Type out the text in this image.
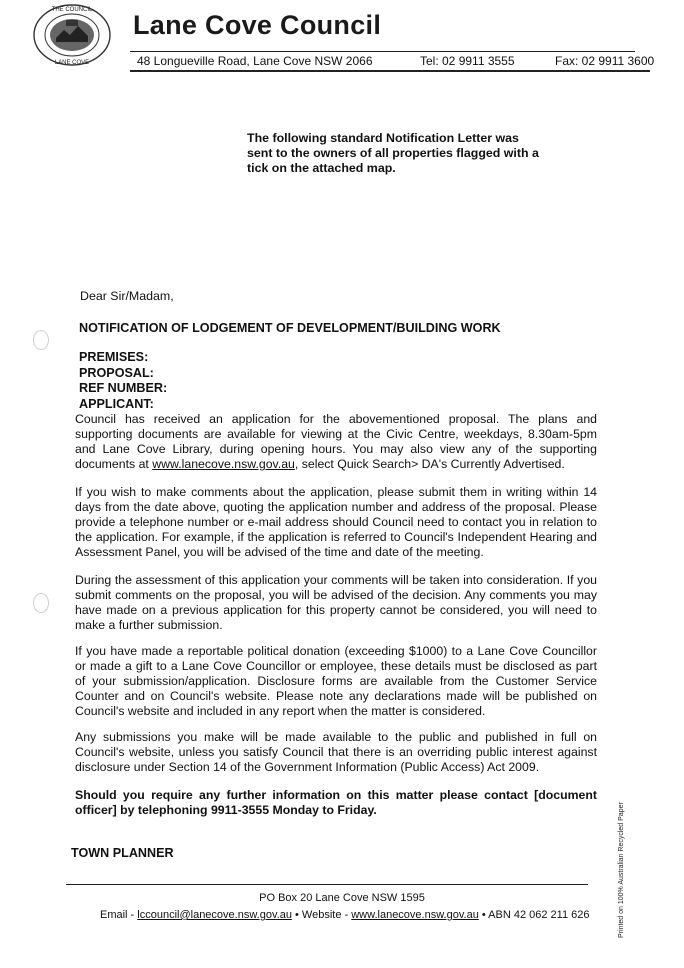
THE COUNCIL
LANE COVE
Lane Cove Council
48 Longueville Road, Lane Cove NSW 2066	Tel: 02 9911 3555	Fax: 02 9911 3600
The following standard Notification Letter was sent to the owners of all properties flagged with a tick on the attached map.
Dear Sir/Madam,
NOTIFICATION OF LODGEMENT OF DEVELOPMENT/BUILDING WORK
PREMISES:
PROPOSAL:
REF NUMBER:
APPLICANT:
Council has received an application for the abovementioned proposal. The plans and supporting documents are available for viewing at the Civic Centre, weekdays, 8.30am-5pm and Lane Cove Library, during opening hours. You may also view any of the supporting documents at www.lanecove.nsw.gov.au, select Quick Search> DA's Currently Advertised.
If you wish to make comments about the application, please submit them in writing within 14 days from the date above, quoting the application number and address of the proposal. Please provide a telephone number or e-mail address should Council need to contact you in relation to the application. For example, if the application is referred to Council's Independent Hearing and Assessment Panel, you will be advised of the time and date of the meeting.
During the assessment of this application your comments will be taken into consideration. If you submit comments on the proposal, you will be advised of the decision. Any comments you may have made on a previous application for this property cannot be considered, you will need to make a further submission.
If you have made a reportable political donation (exceeding $1000) to a Lane Cove Councillor or made a gift to a Lane Cove Councillor or employee, these details must be disclosed as part of your submission/application. Disclosure forms are available from the Customer Service Counter and on Council's website. Please note any declarations made will be published on Council's website and included in any report when the matter is considered.
Any submissions you make will be made available to the public and published in full on Council's website, unless you satisfy Council that there is an overriding public interest against disclosure under Section 14 of the Government Information (Public Access) Act 2009.
Should you require any further information on this matter please contact [document officer] by telephoning 9911-3555 Monday to Friday.
TOWN PLANNER
PO Box 20 Lane Cove NSW 1595
Email - lccouncil@lanecove.nsw.gov.au • Website - www.lanecove.nsw.gov.au • ABN 42 062 211 626	Printed on 100% Australian Recycled Paper
